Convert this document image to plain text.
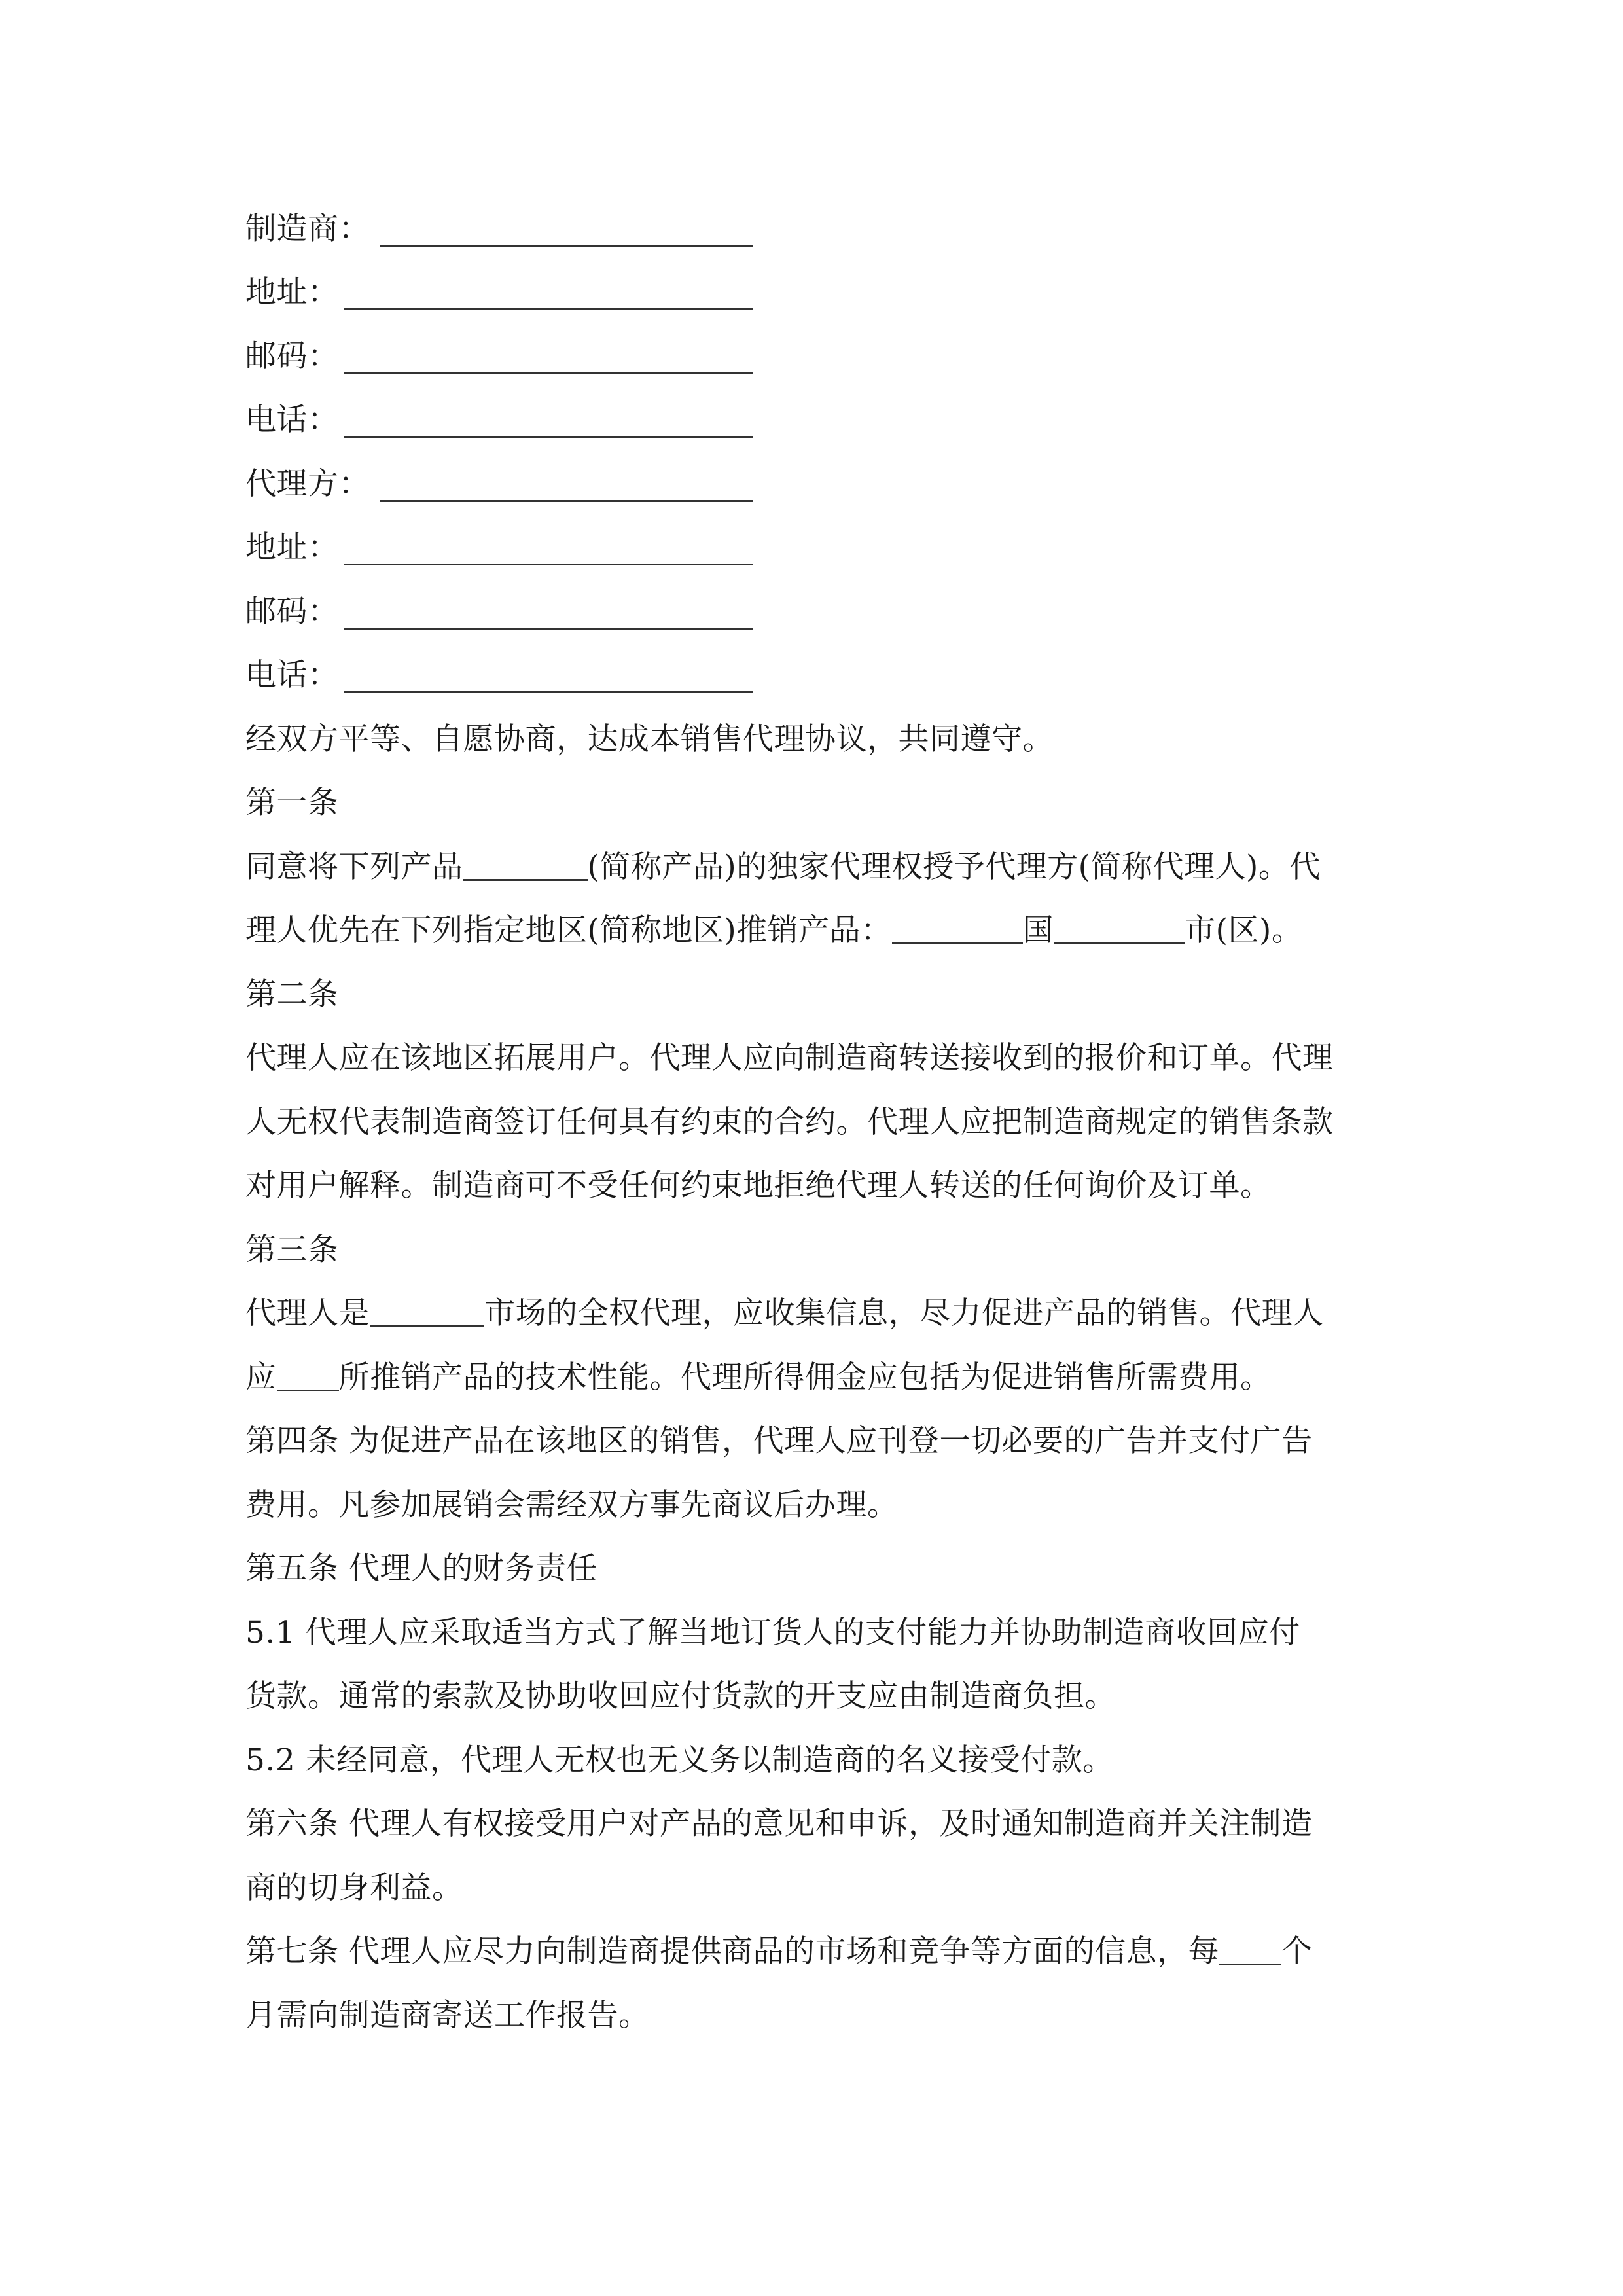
制造商：
地址：
邮码：
电话：
代理方：
地址：
邮码：
电话：
经双方平等、自愿协商，达成本销售代理协议，共同遵守。
第一条
同意将下列产品	(简称产品)的独家代理权授予代理方(简称代理人)。代
理人优先在下列指定地区(简称地区)推销产品：	国	市(区)。
第二条
代理人应在该地区拓展用户。代理人应向制造商转送接收到的报价和订单。代理
人无权代表制造商签订任何具有约束的合约。代理人应把制造商规定的销售条款
对用户解释。制造商可不受任何约束地拒绝代理人转送的任何询价及订单。
第三条
代理人是	市场的全权代理，应收集信息，尽力促进产品的销售。代理人
应 所推销产品的技术性能。代理所得佣金应包括为促进销售所需费用。
第四条 为促进产品在该地区的销售，代理人应刊登一切必要的广告并支付广告
费用。凡参加展销会需经双方事先商议后办理。
第五条 代理人的财务责任
5.1 代理人应采取适当方式了解当地订货人的支付能力并协助制造商收回应付
货款。通常的索款及协助收回应付货款的开支应由制造商负担。
5.2 未经同意，代理人无权也无义务以制造商的名义接受付款。
第六条 代理人有权接受用户对产品的意见和申诉，及时通知制造商并关注制造
商的切身利益。
第七条 代理人应尽力向制造商提供商品的市场和竞争等方面的信息，每 个
月需向制造商寄送工作报告。
